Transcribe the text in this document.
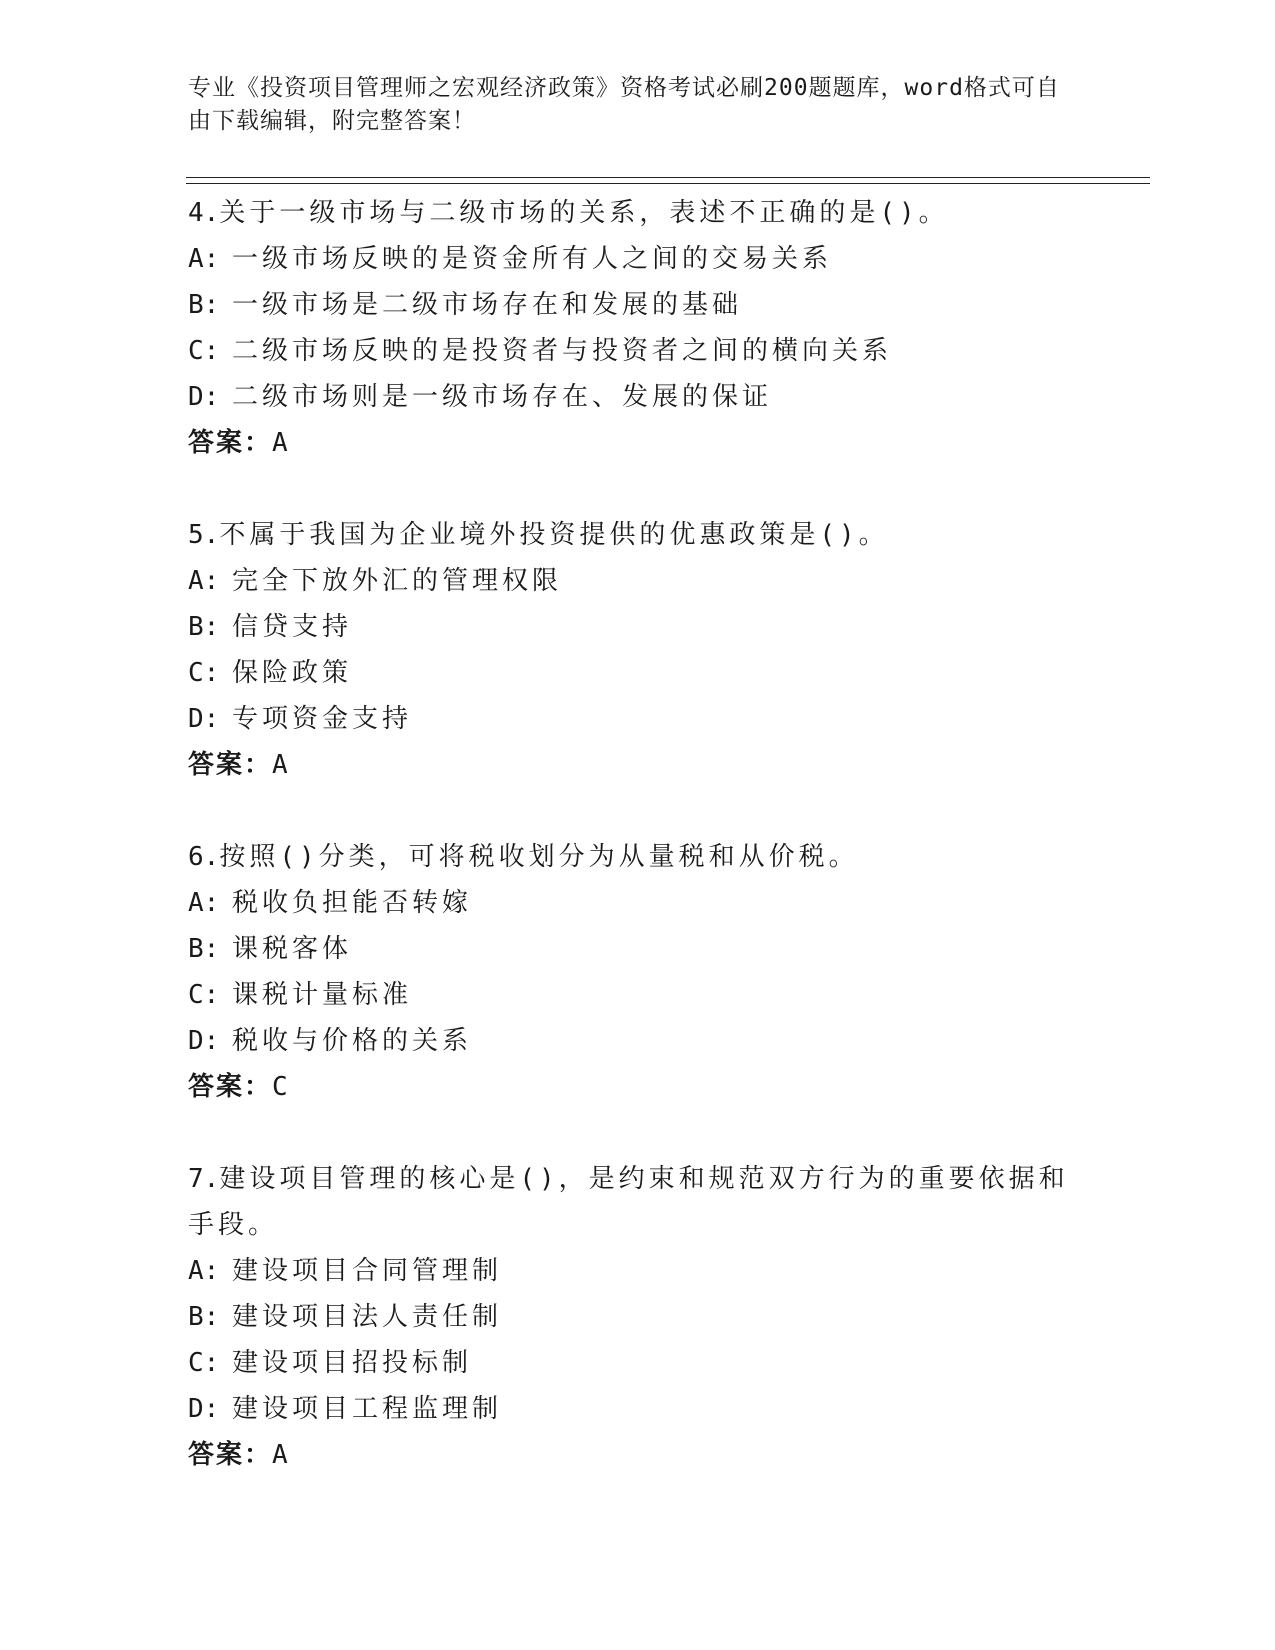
专业《投资项目管理师之宏观经济政策》资格考试必刷200题题库，word格式可自由下载编辑，附完整答案！

4.关于一级市场与二级市场的关系，表述不正确的是()。

A: 一级市场反映的是资金所有人之间的交易关系

B: 一级市场是二级市场存在和发展的基础

C: 二级市场反映的是投资者与投资者之间的横向关系

D: 二级市场则是一级市场存在、发展的保证

答案：A

5.不属于我国为企业境外投资提供的优惠政策是()。

A: 完全下放外汇的管理权限

B: 信贷支持

C: 保险政策

D: 专项资金支持

答案：A

6.按照()分类，可将税收划分为从量税和从价税。

A: 税收负担能否转嫁

B: 课税客体

C: 课税计量标准

D: 税收与价格的关系

答案：C

7.建设项目管理的核心是()，是约束和规范双方行为的重要依据和手段。

A: 建设项目合同管理制

B: 建设项目法人责任制

C: 建设项目招投标制

D: 建设项目工程监理制

答案：A
